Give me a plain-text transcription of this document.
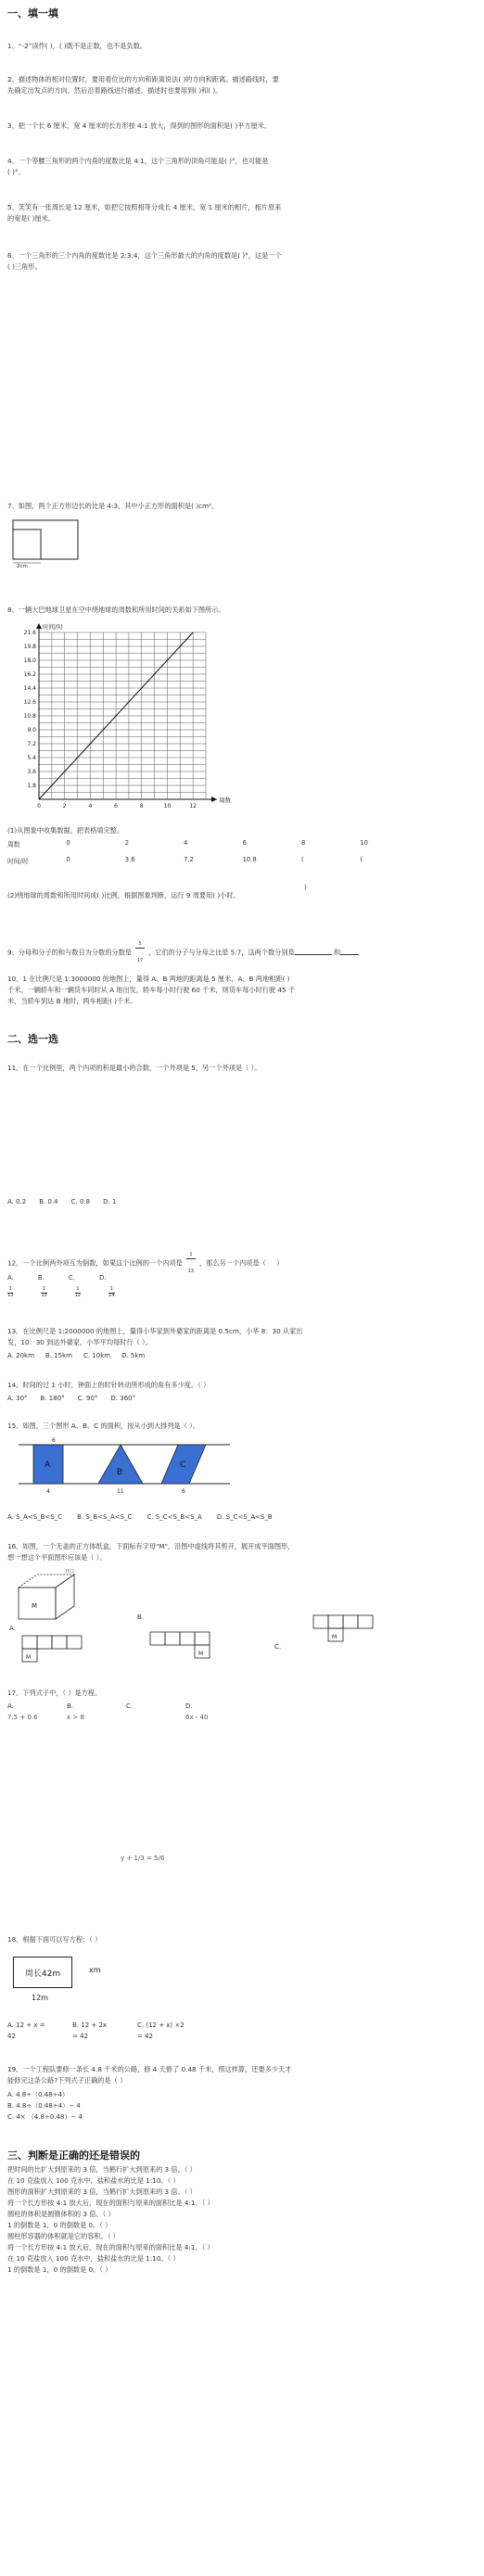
一、填一填
1、“-2”读作( )，( )既不是正数，也不是负数。
2、描述物体的相对位置时，要用看位比的方向和距离说法( )的方向和距离。描述路线时，要
先确定出发点的方向，然后沿着路线进行描述，描述时也要用到( )和( )。
3、把一个长 6 厘米，宽 4 厘米的长方形按 4:1 放大，得到的图形的面积是( )平方厘米。
4、一个等腰三角形的两个内角的度数比是 4:1，这个三角形的顶角可能是( )°，也可能是
( )°。
5、笑笑有一张周长是 12 厘米，如把它按照相等分成长 4 厘米，宽 1 厘米的相片，相片原来
的宽是( )厘米。
6、一个三角形的三个内角的度数比是 2:3:4，这个三角形最大的内角的度数是( )°，这是一个
( )三角形。
7、如图，两个正方形边长的比是 4:3，其中小正方形的面积是( )cm²。
2cm
8、一辆大巴地球卫星在空中绕地球的周数和所用时间的关系如下图所示。
1.8
3.6
5.4
7.2
9.0
10.8
12.6
14.4
16.2
18.0
19.8
21.6
0	2	4	6	8	10	12
时间/时
周数
(1)从图象中收集数据，把表格填完整。
周数	0	2	4	6	8	10
时间/时	0	3.6	7.2	10.8	(	(
)
(2)绕地球的周数和所用时间成( )比例，根据图象判断，运行 9 周要用( )小时。
9、分母和分子的和与数目为分数的分数是
$\frac{5}{17}$ ，它们的分子与分母之比是 5:7，这两个数分别是	和
10、1 在比例尺是 1:3000000 的地图上，量得 A、B 两地的距离是 5 厘米，A、B 两地相距( )
千米。一辆轿车和一辆货车同时从 A 地出发，轿车每小时行驶 60 千米，则货车每小时行驶 45 千
米，当轿车到达 B 地时，两车相距( )千米。
二、选一选
11、在一个比例里，两个内项的积是最小的合数，一个外项是 5，另一个外项是（ ）。
A. 0.2 B. 0.4 C. 0.8 D. 1
12、一个比例两外项互为倒数，如果这个比例的一个内项是
$\frac{1}{13}$ ，那么另一个内项是（     ）
A.	B.	C.	D.
1
13
1
13
1
12
1
14
13、在比例尺是 1:2000000 的地图上，量得小华家到外婆家的距离是 0.5cm，小华 8：30 从家出
发，10：30 到达外婆家，小华平均每时行（ ）。
A. 20km B. 15km C. 10km D. 5km
14、时间的过 1 小时，钟面上的时针转动所形成的角有多少度。（ ）
A. 30° B. 180° C. 90° D. 360°
15、如图，三个图形 A、B、C 的面积，按从小到大排列是（ ）。
6
A
B
C
4	11	6
A. S_A<S_B<S_C B. S_B<S_A<S_C C. S_C<S_B<S_A D. S_C<S_A<S_B
16、如图，一个无盖的正方体纸盒，下面标有字母"M"，沿图中虚线将其剪开，展开成平面图形，
想一想这个平面图形应该是（ ）。
开口
M
A.
M
B.
M
C.
M
17、下列式子中，（ ）是方程。
A.	B.	C.	D.
7.5 + 0.6	x > 8	6x - 40
y + 1/3 = 5/6
18、根据下面可以写方程：（ ）
周长42m	xm
12m
A. 12 + x =	B. 12 + 2x	C. (12 + x) ×2
42	= 42	= 42
19、一个工程队要修一条长 4.8 千米的公路，修 4 天修了 0.48 千米，照这样算，还要多少天才
能修完这条公路?下列式子正确的是（ ）
A. 4.8÷（0.48÷4）
B. 4.8÷（0.48÷4）− 4
C. 4× （4.8÷0.48）− 4
三、判断是正确的还是错误的
把时间的比扩大到原来的 3 倍，当鹤行扩大到原来的 3 倍。（ ）
在 10 克盐放入 100 克水中，盐和盐水的比是 1:10。（ ）
图形的面积扩大到原来的 3 倍，当鹤行扩大到原来的 3 倍。（ ）
将一个长方形按 4:1 放大后，现在的面积与原来的面积比是 4:1。（ ）
圆柱的体积是圆锥体积的 3 倍。（ ）
1 的倒数是 1，0 的倒数是 0。（ ）
圆柱形容器的体积就是它的容积。（ ）
将一个长方形按 4:1 放大后，现在的面积与原来的面积比是 4:1。（ ）
在 10 克盐放入 100 克水中，盐和盐水的比是 1:10。（ ）
1 的倒数是 1，0 的倒数是 0。（ ）
